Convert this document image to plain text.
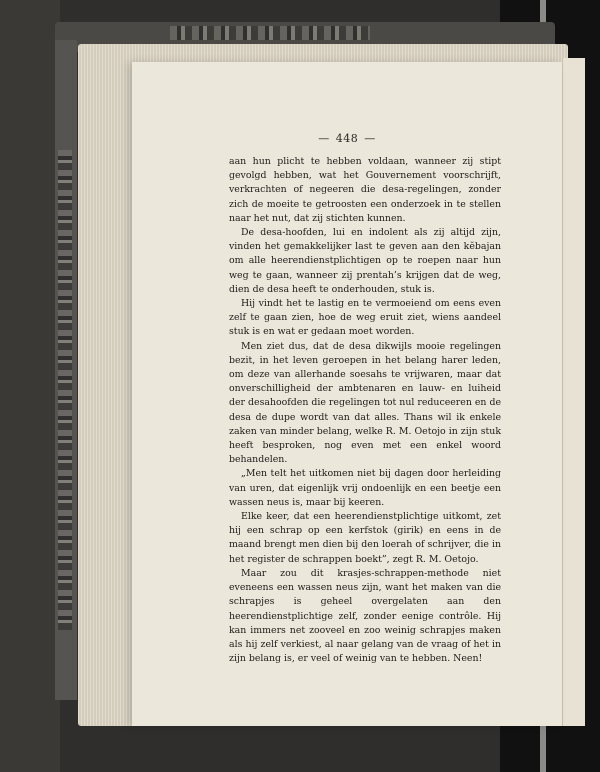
— 448 —

aan hun plicht te hebben voldaan, wanneer zij stipt gevolgd hebben, wat het Gouvernement voorschrijft, verkrachten of negeeren die desa-regelingen, zonder zich de moeite te getroosten een onderzoek in te stellen naar het nut, dat zij stichten kunnen.

De desa-hoofden, lui en indolent als zij altijd zijn, vinden het gemakkelijker last te geven aan den kĕbajan om alle heerendienstplichtigen op te roepen naar hun weg te gaan, wanneer zij prentah’s krijgen dat de weg, dien de desa heeft te onderhouden, stuk is.

Hij vindt het te lastig en te vermoeiend om eens even zelf te gaan zien, hoe de weg eruit ziet, wiens aandeel stuk is en wat er gedaan moet worden.

Men ziet dus, dat de desa dikwijls mooie regelingen bezit, in het leven geroepen in het belang harer leden, om deze van allerhande soesahs te vrijwaren, maar dat onverschilligheid der ambtenaren en lauw- en luiheid der desahoofden die regelingen tot nul reduceeren en de desa de dupe wordt van dat alles. Thans wil ik enkele zaken van minder belang, welke R. M. Oetojo in zijn stuk heeft besproken, nog even met een enkel woord behandelen.

„Men telt het uitkomen niet bij dagen door herleiding van uren, dat eigenlijk vrij ondoenlijk en een beetje een wassen neus is, maar bij keeren.

Elke keer, dat een heerendienstplichtige uitkomt, zet hij een schrap op een kerfstok (girik) en eens in de maand brengt men dien bij den loerah of schrijver, die in het register de schrappen boekt”, zegt R. M. Oetojo.

Maar zou dit krasjes-schrappen-methode niet eveneens een wassen neus zijn, want het maken van die schrapjes is geheel overgelaten aan den heerendienstplichtige zelf, zonder eenige contrôle. Hij kan immers net zooveel en zoo weinig schrapjes maken als hij zelf verkiest, al naar gelang van de vraag of het in zijn belang is, er veel of weinig van te hebben. Neen!
